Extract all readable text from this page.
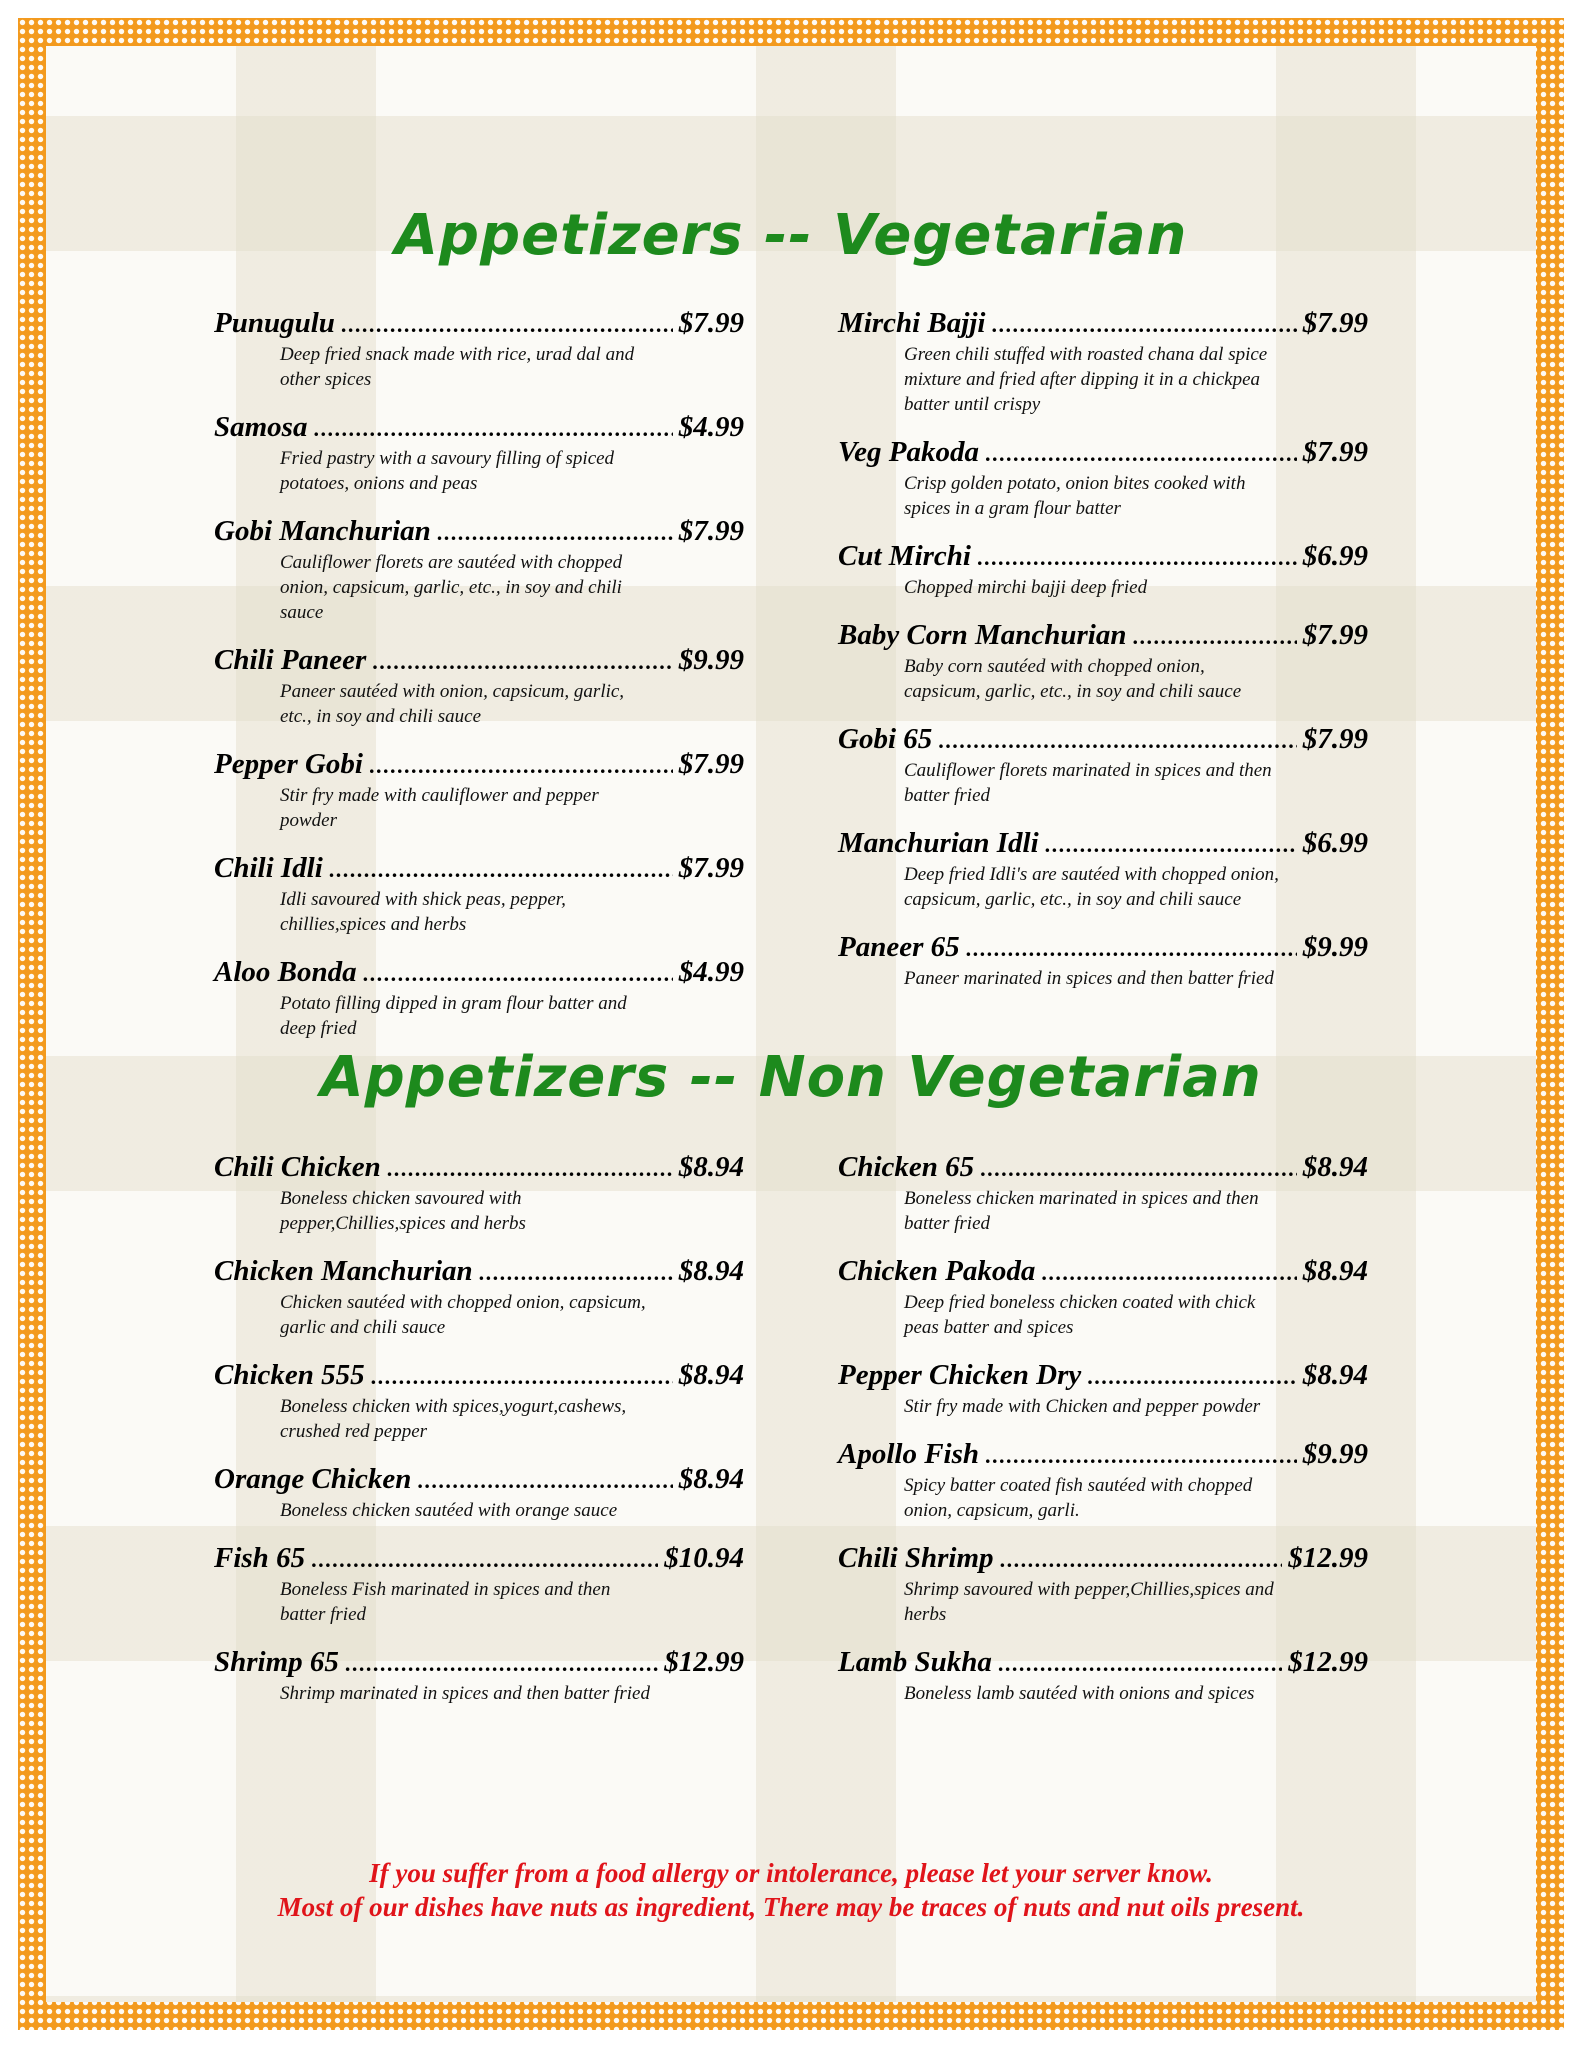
Appetizers -- Vegetarian
Punugulu . . .	$7.99
Deep fried snack made with rice, urad dal and other spices
Samosa . . .	$4.99
Fried pastry with a savoury filling of spiced potatoes, onions and peas
Gobi Manchurian . . .	$7.99
Cauliflower florets are sautéed with chopped onion, capsicum, garlic, etc., in soy and chili sauce
Chili Paneer . . .	$9.99
Paneer sautéed with onion, capsicum, garlic, etc., in soy and chili sauce
Pepper Gobi . . .	$7.99
Stir fry made with cauliflower and pepper powder
Chili Idli . . .	$7.99
Idli savoured with shick peas, pepper, chillies,spices and herbs
Aloo Bonda . . .	$4.99
Potato filling dipped in gram flour batter and deep fried
Mirchi Bajji . . .	$7.99
Green chili stuffed with roasted chana dal spice mixture and fried after dipping it in a chickpea batter until crispy
Veg Pakoda . . .	$7.99
Crisp golden potato, onion bites cooked with spices in a gram flour batter
Cut Mirchi . . .	$6.99
Chopped mirchi bajji deep fried
Baby Corn Manchurian . . .	$7.99
Baby corn sautéed with chopped onion, capsicum, garlic, etc., in soy and chili sauce
Gobi 65 . . .	$7.99
Cauliflower florets marinated in spices and then batter fried
Manchurian Idli . . .	$6.99
Deep fried Idli's are sautéed with chopped onion, capsicum, garlic, etc., in soy and chili sauce
Paneer 65 . . .	$9.99
Paneer marinated in spices and then batter fried
Appetizers -- Non Vegetarian
Chili Chicken . . .	$8.94
Boneless chicken savoured with pepper,Chillies,spices and herbs
Chicken Manchurian . . .	$8.94
Chicken sautéed with chopped onion, capsicum, garlic and chili sauce
Chicken 555 . . .	$8.94
Boneless chicken with spices,yogurt,cashews, crushed red pepper
Orange Chicken . . .	$8.94
Boneless chicken sautéed with orange sauce
Fish 65 . . .	$10.94
Boneless Fish marinated in spices and then batter fried
Shrimp 65 . . .	$12.99
Shrimp marinated in spices and then batter fried
Chicken 65 . . .	$8.94
Boneless chicken marinated in spices and then batter fried
Chicken Pakoda . . .	$8.94
Deep fried boneless chicken coated with chick peas batter and spices
Pepper Chicken Dry . . .	$8.94
Stir fry made with Chicken and pepper powder
Apollo Fish . . .	$9.99
Spicy batter coated fish sautéed with chopped onion, capsicum, garli.
Chili Shrimp . . .	$12.99
Shrimp savoured with pepper,Chillies,spices and herbs
Lamb Sukha . . .	$12.99
Boneless lamb sautéed with onions and spices
If you suffer from a food allergy or intolerance, please let your server know.
Most of our dishes have nuts as ingredient, There may be traces of nuts and nut oils present.
